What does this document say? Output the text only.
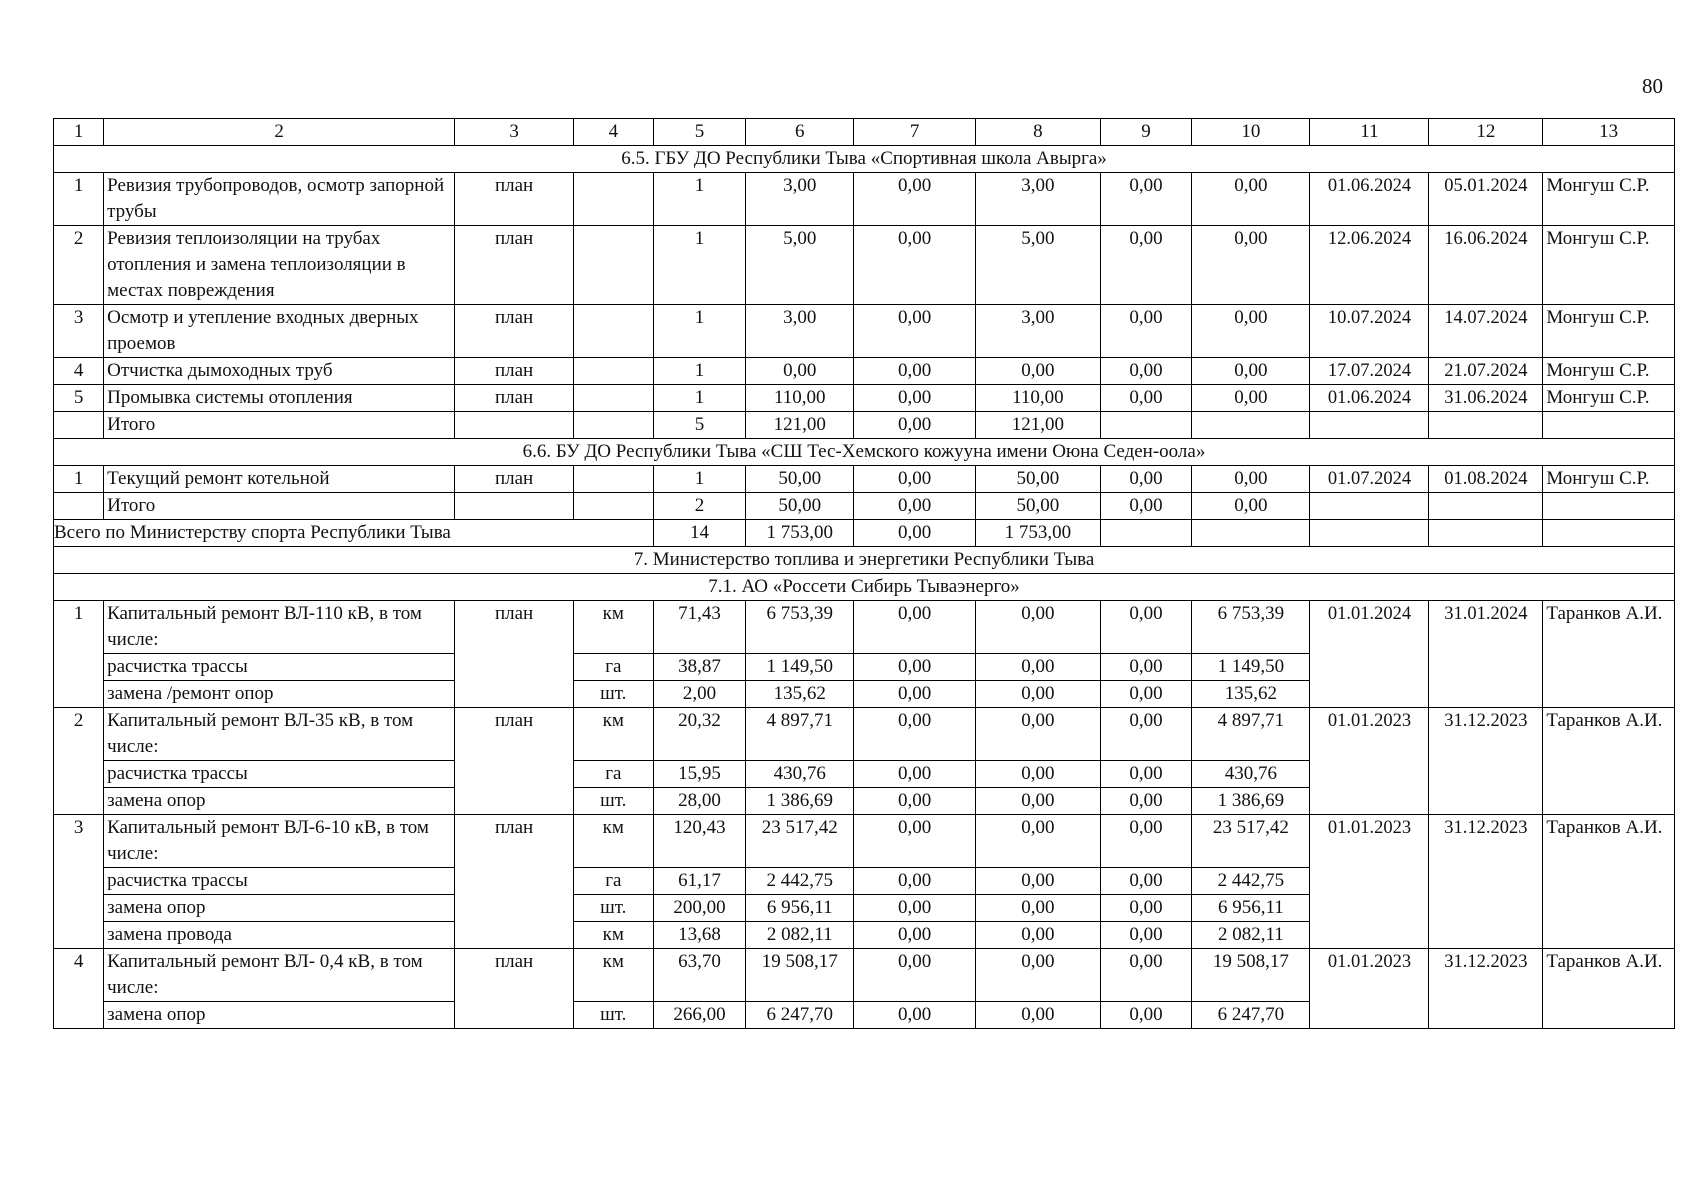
80
1	2	3	4	5	6	7	8	9	10	11	12	13
6.5. ГБУ ДО Республики Тыва «Спортивная школа Авырга»												
1	Ревизия трубопроводов, осмотр запорной трубы	план		1	3,00	0,00	3,00	0,00	0,00	01.06.2024	05.01.2024	Монгуш С.Р.
2	Ревизия теплоизоляции на трубах отопления и замена теплоизоляции в местах повреждения	план		1	5,00	0,00	5,00	0,00	0,00	12.06.2024	16.06.2024	Монгуш С.Р.
3	Осмотр и утепление входных дверных проемов	план		1	3,00	0,00	3,00	0,00	0,00	10.07.2024	14.07.2024	Монгуш С.Р.
4	Отчистка дымоходных труб	план		1	0,00	0,00	0,00	0,00	0,00	17.07.2024	21.07.2024	Монгуш С.Р.
5	Промывка системы отопления	план		1	110,00	0,00	110,00	0,00	0,00	01.06.2024	31.06.2024	Монгуш С.Р.
	Итого			5	121,00	0,00	121,00					
6.6. БУ ДО Республики Тыва «СШ Тес-Хемского кожууна имени Оюна Седен-оола»												
1	Текущий ремонт котельной	план		1	50,00	0,00	50,00	0,00	0,00	01.07.2024	01.08.2024	Монгуш С.Р.
	Итого			2	50,00	0,00	50,00	0,00	0,00			
Всего по Министерству спорта Республики Тыва				14	1 753,00	0,00	1 753,00					
7. Министерство топлива и энергетики Республики Тыва												
7.1. АО «Россети Сибирь Тываэнерго»												
1	Капитальный ремонт ВЛ-110 кВ, в том числе:	план	км	71,43	6 753,39	0,00	0,00	0,00	6 753,39	01.01.2024	31.01.2024	Таранков А.И.
	расчистка трассы		га	38,87	1 149,50	0,00	0,00	0,00	1 149,50			
	замена /ремонт опор		шт.	2,00	135,62	0,00	0,00	0,00	135,62			
2	Капитальный ремонт ВЛ-35 кВ, в том числе:	план	км	20,32	4 897,71	0,00	0,00	0,00	4 897,71	01.01.2023	31.12.2023	Таранков А.И.
	расчистка трассы		га	15,95	430,76	0,00	0,00	0,00	430,76			
	замена опор		шт.	28,00	1 386,69	0,00	0,00	0,00	1 386,69			
3	Капитальный ремонт ВЛ-6-10 кВ, в том числе:	план	км	120,43	23 517,42	0,00	0,00	0,00	23 517,42	01.01.2023	31.12.2023	Таранков А.И.
	расчистка трассы		га	61,17	2 442,75	0,00	0,00	0,00	2 442,75			
	замена опор		шт.	200,00	6 956,11	0,00	0,00	0,00	6 956,11			
	замена провода		км	13,68	2 082,11	0,00	0,00	0,00	2 082,11			
4	Капитальный ремонт ВЛ- 0,4 кВ, в том числе:	план	км	63,70	19 508,17	0,00	0,00	0,00	19 508,17	01.01.2023	31.12.2023	Таранков А.И.
	замена опор		шт.	266,00	6 247,70	0,00	0,00	0,00	6 247,70			
